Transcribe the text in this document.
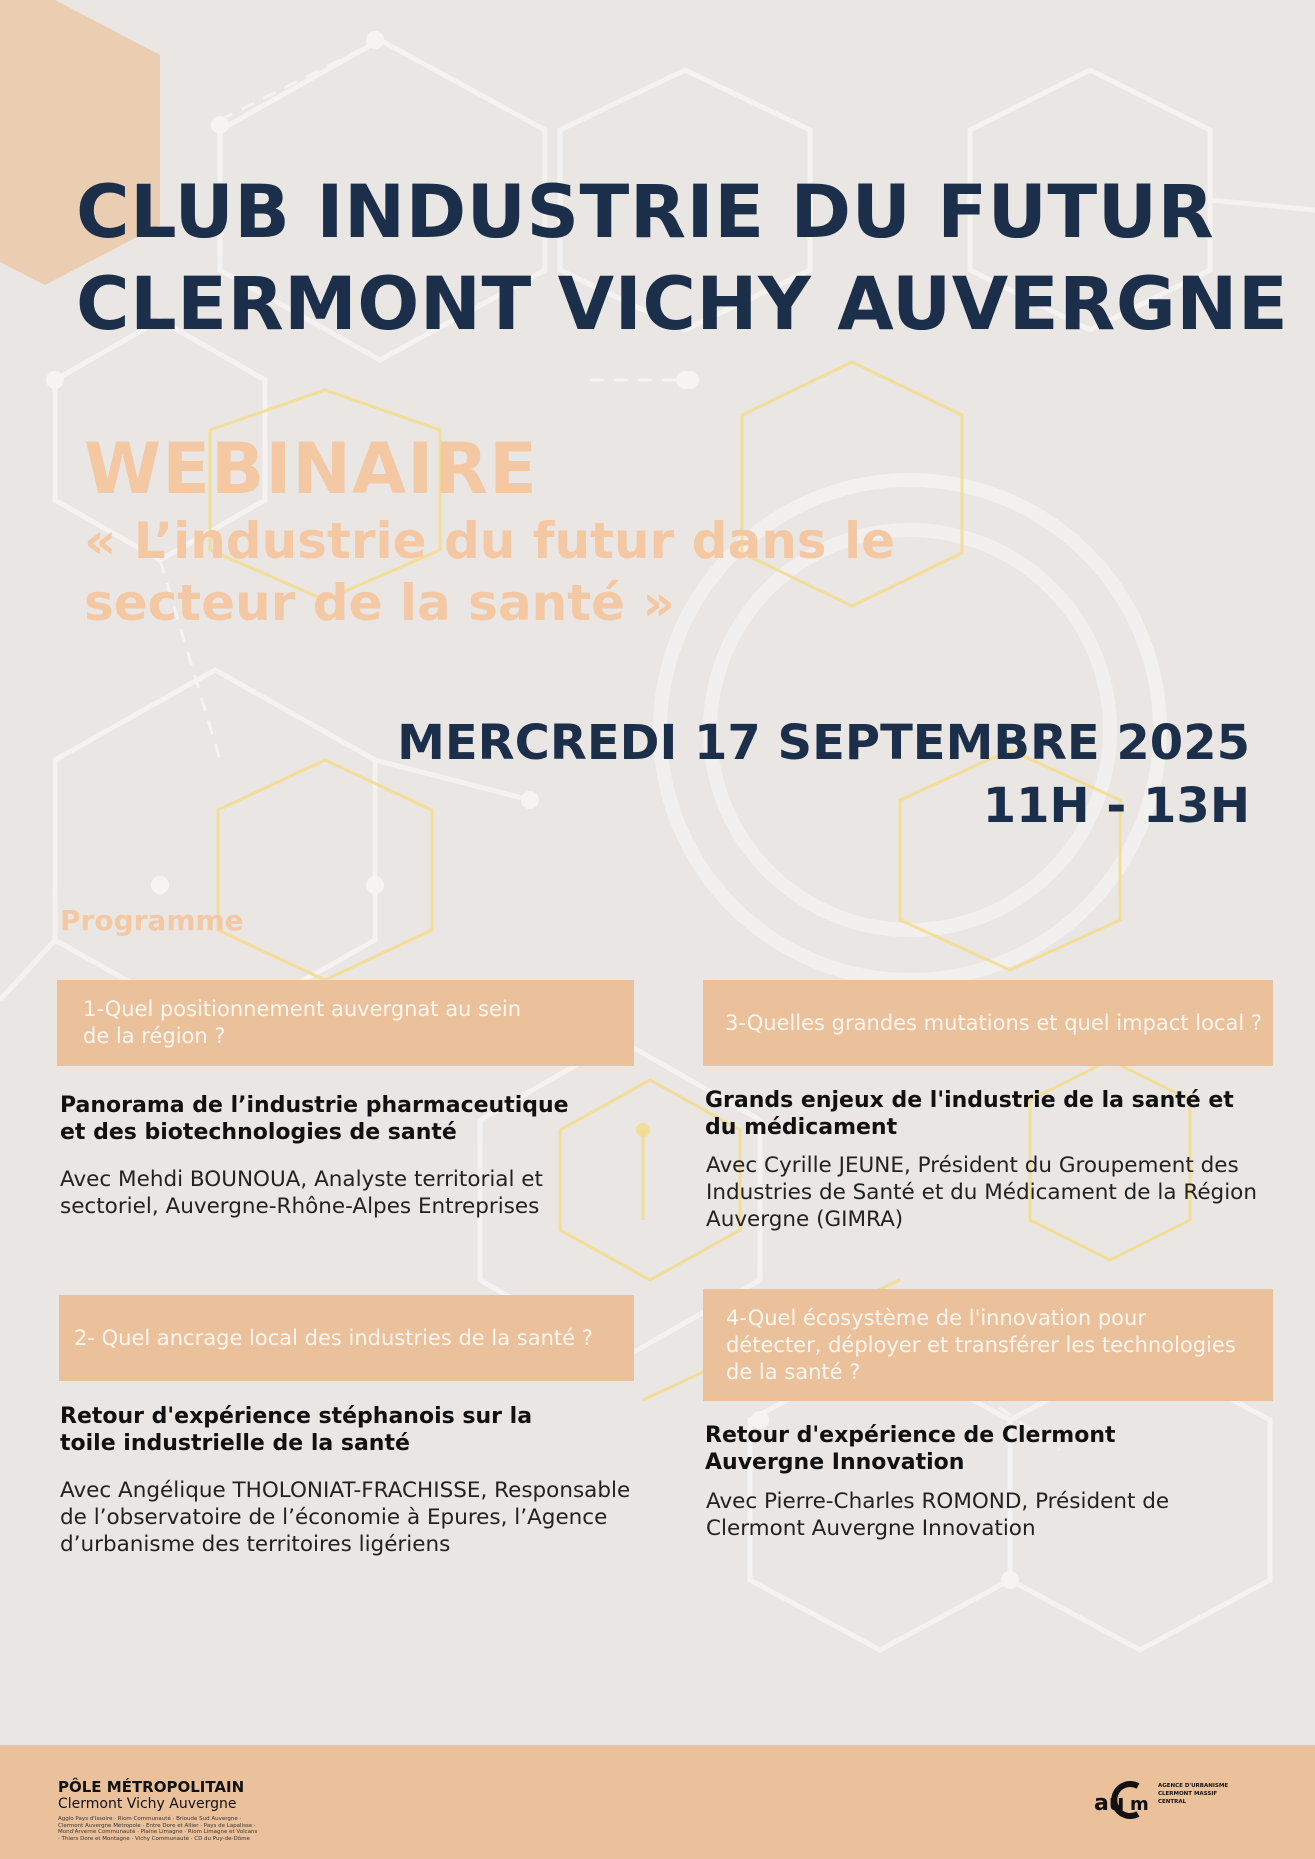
CLUB INDUSTRIE DU FUTUR
CLERMONT VICHY AUVERGNE
WEBINAIRE
« L’industrie du futur dans le secteur de la santé »
MERCREDI 17 SEPTEMBRE 2025
11H - 13H
Programme
1-Quel positionnement auvergnat au sein de la région ?
Panorama de l’industrie pharmaceutique et des biotechnologies de santé
Avec Mehdi BOUNOUA, Analyste territorial et sectoriel, Auvergne-Rhône-Alpes Entreprises
2- Quel ancrage local des industries de la santé ?
Retour d'expérience stéphanois sur la toile industrielle de la santé
Avec Angélique THOLONIAT-FRACHISSE, Responsable de l’observatoire de l’économie à Epures, l’Agence d’urbanisme des territoires ligériens
3-Quelles grandes mutations et quel impact local ?
Grands enjeux de l'industrie de la santé et du médicament
Avec Cyrille JEUNE, Président du Groupement des Industries de Santé et du Médicament de la Région Auvergne (GIMRA)
4-Quel écosystème de l'innovation pour détecter, déployer et transférer les technologies de la santé ?
Retour d'expérience de Clermont Auvergne Innovation
Avec Pierre-Charles ROMOND, Président de Clermont Auvergne Innovation
PÔLE MÉTROPOLITAIN
Clermont Vichy Auvergne
Agglo Pays d'Issoire · Riom Communauté · Brioude Sud Auvergne · Clermont Auvergne Métropole · Entre Dore et Allier · Pays de Lapalisse · Mond'Arverne Communauté · Plaine Limagne · Riom Limagne et Volcans · Thiers Dore et Montagne · Vichy Communauté · CD du Puy-de-Dôme
au m
AGENCE D'URBANISME CLERMONT MASSIF CENTRAL
